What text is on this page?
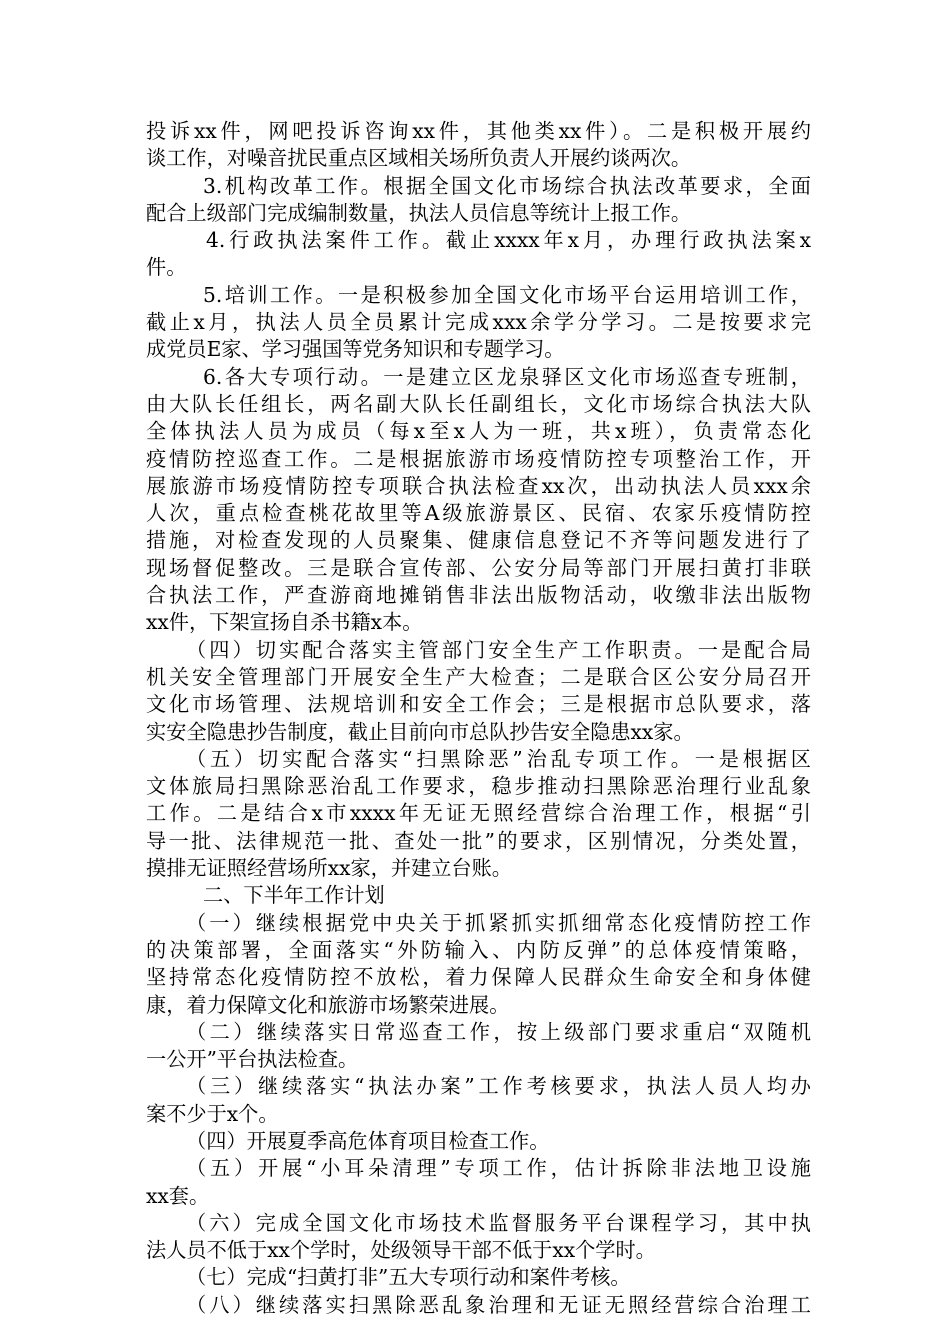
投诉xx件，网吧投诉咨询xx件，其他类xx件）。二是积极开展约
谈工作，对噪音扰民重点区域相关场所负责人开展约谈两次。
3.机构改革工作。根据全国文化市场综合执法改革要求，全面
配合上级部门完成编制数量，执法人员信息等统计上报工作。
4.行政执法案件工作。截止xxxx年x月，办理行政执法案x
件。
5.培训工作。一是积极参加全国文化市场平台运用培训工作，
截止x月，执法人员全员累计完成xxx余学分学习。二是按要求完
成党员E家、学习强国等党务知识和专题学习。
6.各大专项行动。一是建立区龙泉驿区文化市场巡查专班制，
由大队长任组长，两名副大队长任副组长，文化市场综合执法大队
全体执法人员为成员（每x至x人为一班，共x班），负责常态化
疫情防控巡查工作。二是根据旅游市场疫情防控专项整治工作，开
展旅游市场疫情防控专项联合执法检查xx次，出动执法人员xxx余
人次，重点检查桃花故里等A级旅游景区、民宿、农家乐疫情防控
措施，对检查发现的人员聚集、健康信息登记不齐等问题发进行了
现场督促整改。三是联合宣传部、公安分局等部门开展扫黄打非联
合执法工作，严查游商地摊销售非法出版物活动，收缴非法出版物
xx件，下架宣扬自杀书籍x本。
（四）切实配合落实主管部门安全生产工作职责。一是配合局
机关安全管理部门开展安全生产大检查；二是联合区公安分局召开
文化市场管理、法规培训和安全工作会；三是根据市总队要求，落
实安全隐患抄告制度，截止目前向市总队抄告安全隐患xx家。
（五）切实配合落实“扫黑除恶”治乱专项工作。一是根据区
文体旅局扫黑除恶治乱工作要求，稳步推动扫黑除恶治理行业乱象
工作。二是结合x市xxxx年无证无照经营综合治理工作，根据“引
导一批、法律规范一批、查处一批”的要求，区别情况，分类处置，
摸排无证照经营场所xx家，并建立台账。
二、下半年工作计划
（一）继续根据党中央关于抓紧抓实抓细常态化疫情防控工作
的决策部署，全面落实“外防输入、内防反弹”的总体疫情策略，
坚持常态化疫情防控不放松，着力保障人民群众生命安全和身体健
康，着力保障文化和旅游市场繁荣进展。
（二）继续落实日常巡查工作，按上级部门要求重启“双随机
一公开”平台执法检查。
（三）继续落实“执法办案”工作考核要求，执法人员人均办
案不少于x个。
（四）开展夏季高危体育项目检查工作。
（五）开展“小耳朵清理”专项工作，估计拆除非法地卫设施
xx套。
（六）完成全国文化市场技术监督服务平台课程学习，其中执
法人员不低于xx个学时，处级领导干部不低于xx个学时。
（七）完成“扫黄打非”五大专项行动和案件考核。
（八）继续落实扫黑除恶乱象治理和无证无照经营综合治理工
